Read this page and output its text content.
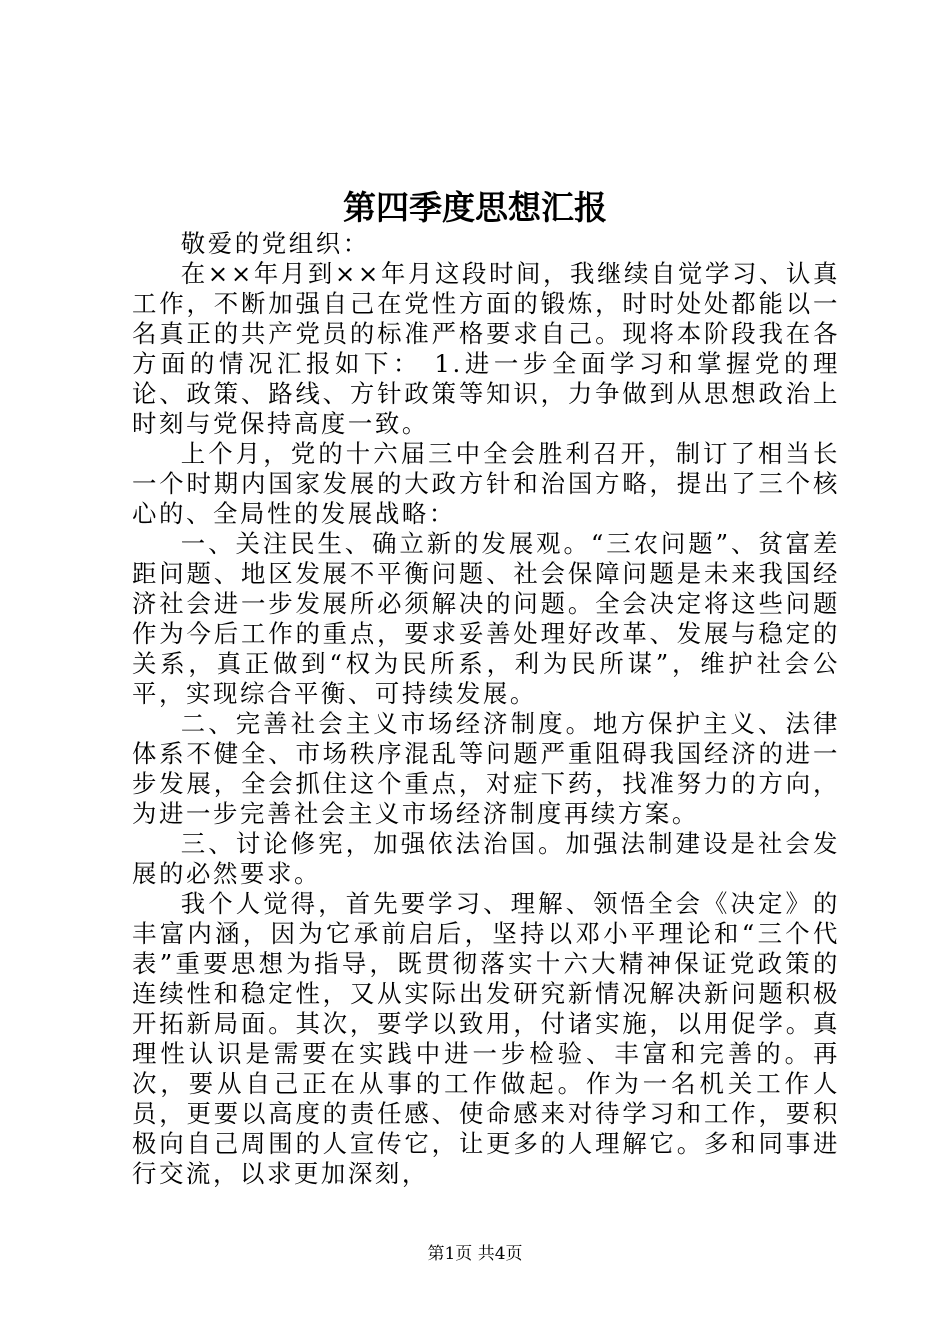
第四季度思想汇报

敬爱的党组织：

在××年月到××年月这段时间，我继续自觉学习、认真工作，不断加强自己在党性方面的锻炼，时时处处都能以一名真正的共产党员的标准严格要求自己。现将本阶段我在各方面的情况汇报如下： 1.进一步全面学习和掌握党的理论、政策、路线、方针政策等知识，力争做到从思想政治上时刻与党保持高度一致。

上个月，党的十六届三中全会胜利召开，制订了相当长一个时期内国家发展的大政方针和治国方略，提出了三个核心的、全局性的发展战略：

一、关注民生、确立新的发展观。“三农问题”、贫富差距问题、地区发展不平衡问题、社会保障问题是未来我国经济社会进一步发展所必须解决的问题。全会决定将这些问题作为今后工作的重点，要求妥善处理好改革、发展与稳定的关系，真正做到“权为民所系，利为民所谋”，维护社会公平，实现综合平衡、可持续发展。

二、完善社会主义市场经济制度。地方保护主义、法律体系不健全、市场秩序混乱等问题严重阻碍我国经济的进一步发展，全会抓住这个重点，对症下药，找准努力的方向，为进一步完善社会主义市场经济制度再续方案。

三、讨论修宪，加强依法治国。加强法制建设是社会发展的必然要求。

我个人觉得，首先要学习、理解、领悟全会《决定》的丰富内涵，因为它承前启后，坚持以邓小平理论和“三个代表”重要思想为指导，既贯彻落实十六大精神保证党政策的连续性和稳定性，又从实际出发研究新情况解决新问题积极开拓新局面。其次，要学以致用，付诸实施，以用促学。真理性认识是需要在实践中进一步检验、丰富和完善的。再次，要从自己正在从事的工作做起。作为一名机关工作人员，更要以高度的责任感、使命感来对待学习和工作，要积极向自己周围的人宣传它，让更多的人理解它。多和同事进行交流，以求更加深刻，

第1页 共4页
